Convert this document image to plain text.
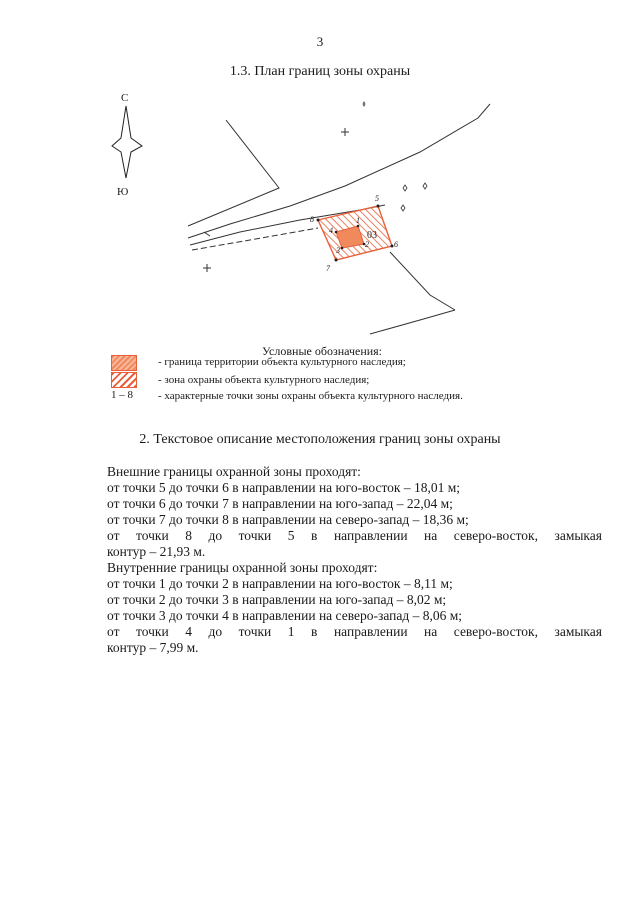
3
1.3. План границ зоны охраны
С
Ю
8
5
6
7
4
1
2
3
03
Условные обозначения:
1 – 8
- граница территории объекта культурного наследия;
- зона охраны объекта культурного наследия;
- характерные точки зоны охраны объекта культурного наследия.
2. Текстовое описание местоположения границ зоны охраны

Внешние границы охранной зоны проходят:

от точки 5 до точки 6 в направлении на юго-восток – 18,01 м;

от точки 6 до точки 7 в направлении на юго-запад – 22,04 м;

от точки 7 до точки 8 в направлении на северо-запад – 18,36 м;

от точки 8 до точки 5 в направлении на северо-восток, замыкая

контур – 21,93 м.

Внутренние границы охранной зоны проходят:

от точки 1 до точки 2 в направлении на юго-восток – 8,11 м;

от точки 2 до точки 3 в направлении на юго-запад – 8,02 м;

от точки 3 до точки 4 в направлении на северо-запад – 8,06 м;

от точки 4 до точки 1 в направлении на северо-восток, замыкая

контур – 7,99 м.
